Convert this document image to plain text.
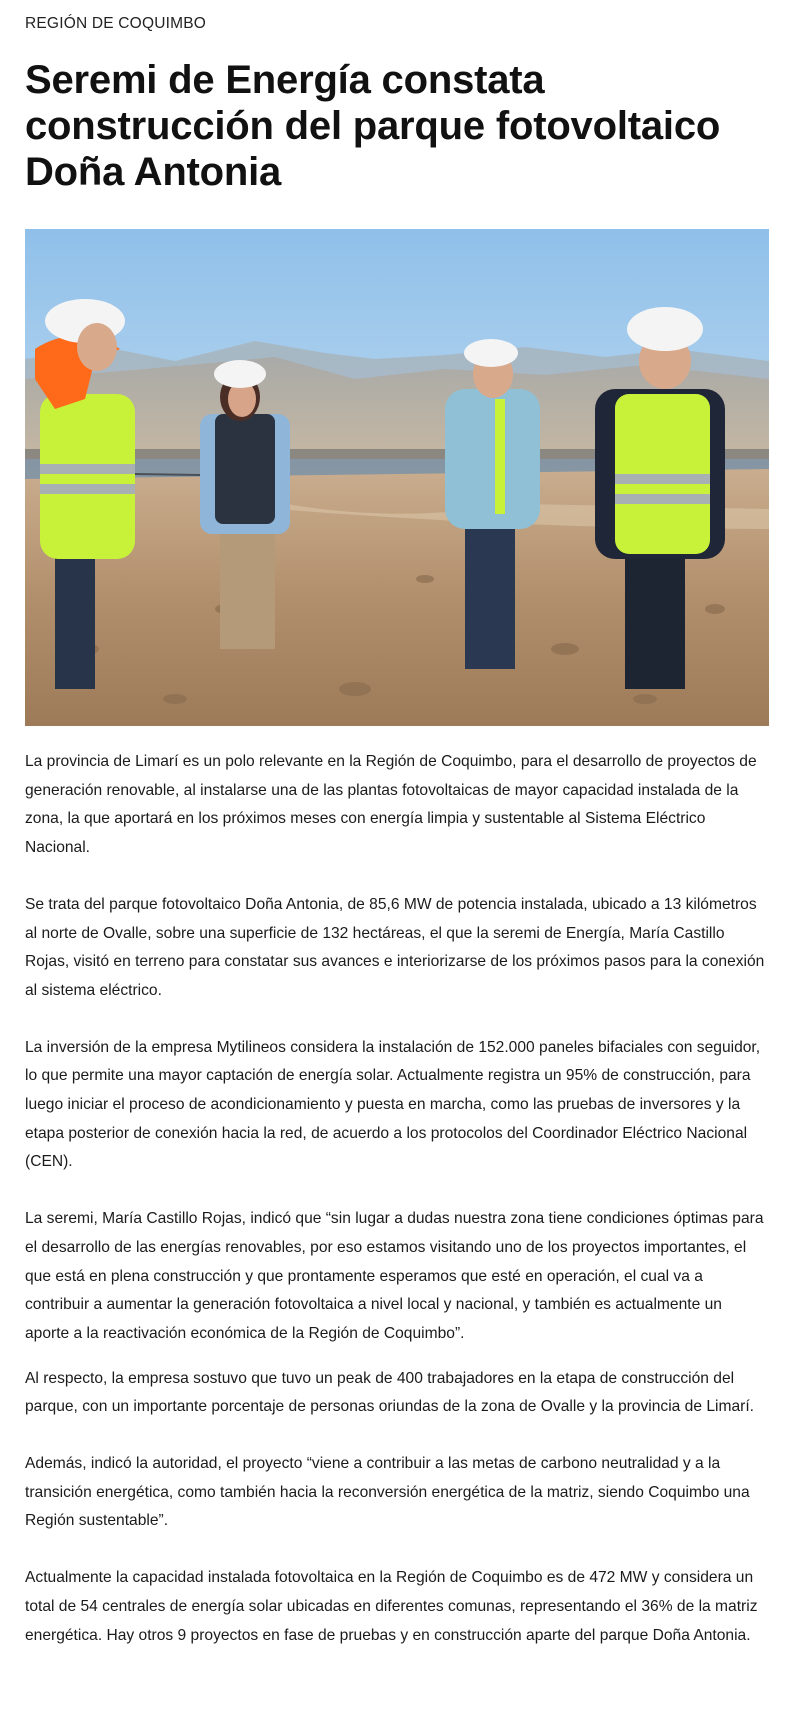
REGIÓN DE COQUIMBO

Seremi de Energía constata construcción del parque fotovoltaico Doña Antonia

La provincia de Limarí es un polo relevante en la Región de Coquimbo, para el desarrollo de proyectos de generación renovable, al instalarse una de las plantas fotovoltaicas de mayor capacidad instalada de la zona, la que aportará en los próximos meses con energía limpia y sustentable al Sistema Eléctrico Nacional.

Se trata del parque fotovoltaico Doña Antonia, de 85,6 MW de potencia instalada, ubicado a 13 kilómetros al norte de Ovalle, sobre una superficie de 132 hectáreas, el que la seremi de Energía, María Castillo Rojas, visitó en terreno para constatar sus avances e interiorizarse de los próximos pasos para la conexión al sistema eléctrico.

La inversión de la empresa Mytilineos considera la instalación de 152.000 paneles bifaciales con seguidor, lo que permite una mayor captación de energía solar. Actualmente registra un 95% de construcción, para luego iniciar el proceso de acondicionamiento y puesta en marcha, como las pruebas de inversores y la etapa posterior de conexión hacia la red, de acuerdo a los protocolos del Coordinador Eléctrico Nacional (CEN).

La seremi, María Castillo Rojas, indicó que “sin lugar a dudas nuestra zona tiene condiciones óptimas para el desarrollo de las energías renovables, por eso estamos visitando uno de los proyectos importantes, el que está en plena construcción y que prontamente esperamos que esté en operación, el cual va a contribuir a aumentar la generación fotovoltaica a nivel local y nacional, y también es actualmente un aporte a la reactivación económica de la Región de Coquimbo”.

Al respecto, la empresa sostuvo que tuvo un peak de 400 trabajadores en la etapa de construcción del parque, con un importante porcentaje de personas oriundas de la zona de Ovalle y la provincia de Limarí.

Además, indicó la autoridad, el proyecto “viene a contribuir a las metas de carbono neutralidad y a la transición energética, como también hacia la reconversión energética de la matriz, siendo Coquimbo una Región sustentable”.

Actualmente la capacidad instalada fotovoltaica en la Región de Coquimbo es de 472 MW y considera un total de 54 centrales de energía solar ubicadas en diferentes comunas, representando el 36% de la matriz energética. Hay otros 9 proyectos en fase de pruebas y en construcción aparte del parque Doña Antonia.
